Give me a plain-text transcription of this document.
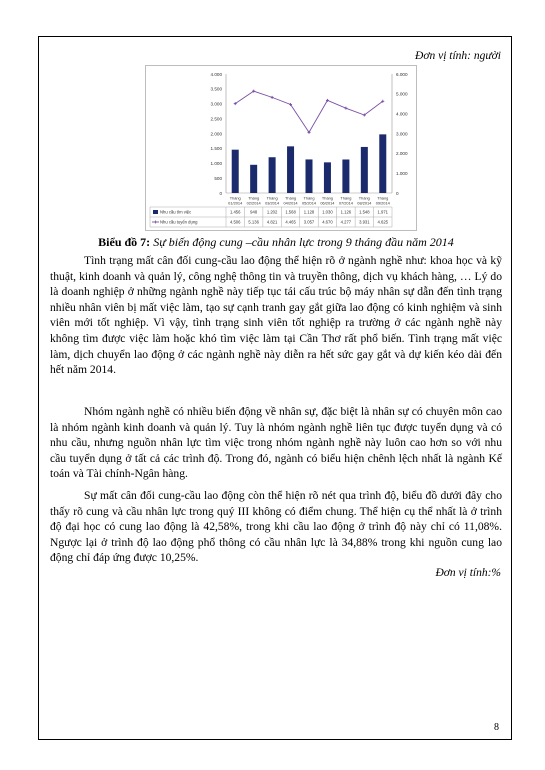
Đơn vị tính: người
0
500
1.000
1.500
2.000
2.500
3.000
3.500
4.000
0
1.000
2.000
3.000
4.000
5.000
6.000
Tháng
01/2014
Tháng
02/2014
Tháng
03/2014
Tháng
04/2014
Tháng
05/2014
Tháng
06/2014
Tháng
07/2014
Tháng
08/2014
Tháng
09/2014
Nhu cầu tìm việc	1.456 948 1.202 1.568 1.128 1.030 1.126 1.548 1.971
Nhu cầu tuyển dụng	4.506 5.136 4.821 4.465 3.057 4.670 4.277 3.931 4.625
Biểu đồ 7: Sự biến động cung –cầu nhân lực trong 9 tháng đầu năm 2014

Tình trạng mất cân đối cung-cầu lao động thể hiện rõ ở ngành nghề như: khoa học và kỹ thuật, kinh doanh và quản lý, công nghệ thông tin và truyền thông, dịch vụ khách hàng, … Lý do là doanh nghiệp ở những ngành nghề này tiếp tục tái cấu trúc bộ máy nhân sự dẫn đến tình trạng nhiều nhân viên bị mất việc làm, tạo sự cạnh tranh gay gắt giữa lao động có kinh nghiệm và sinh viên mới tốt nghiệp. Vì vậy, tình trạng sinh viên tốt nghiệp ra trường ở các ngành nghề này không tìm được việc làm hoặc khó tìm việc làm tại Cần Thơ rất phổ biến. Tình trạng mất việc làm, dịch chuyển lao động ở các ngành nghề này diễn ra hết sức gay gắt và dự kiến kéo dài đến hết năm 2014.

Nhóm ngành nghề có nhiều biến động về nhân sự, đặc biệt là nhân sự có chuyên môn cao là nhóm ngành kinh doanh và quản lý. Tuy là nhóm ngành nghề liên tục được tuyển dụng và có nhu cầu, nhưng nguồn nhân lực tìm việc trong nhóm ngành nghề này luôn cao hơn so với nhu cầu tuyển dụng ở tất cả các trình độ. Trong đó, ngành có biểu hiện chênh lệch nhất là ngành Kế toán và Tài chính-Ngân hàng.

Sự mất cân đối cung-cầu lao động còn thể hiện rõ nét qua trình độ, biểu đồ dưới đây cho thấy rõ cung và cầu nhân lực trong quý III không có điểm chung. Thể hiện cụ thể nhất là ở trình độ đại học có cung lao động là 42,58%, trong khi cầu lao động ở trình độ này chỉ có 11,08%. Ngược lại ở trình độ lao động phổ thông có cầu nhân lực là 34,88% trong khi nguồn cung lao động chỉ đáp ứng được 10,25%.

Đơn vị tính:%
8
